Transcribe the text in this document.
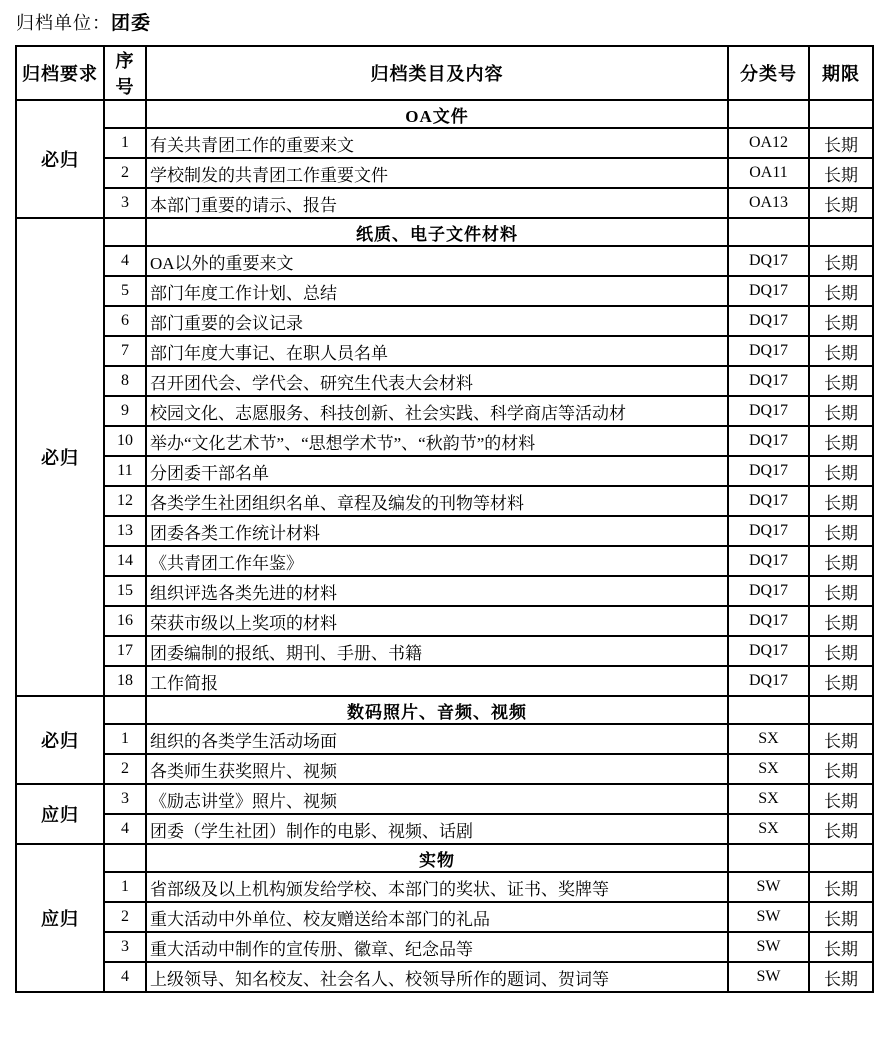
归档单位：团委
归档要求	序号	归档类目及内容	分类号	期限
必归		OA文件		
	1	有关共青团工作的重要来文	OA12	长期
	2	学校制发的共青团工作重要文件	OA11	长期
	3	本部门重要的请示、报告	OA13	长期
必归		纸质、电子文件材料		
	4	OA以外的重要来文	DQ17	长期
	5	部门年度工作计划、总结	DQ17	长期
	6	部门重要的会议记录	DQ17	长期
	7	部门年度大事记、在职人员名单	DQ17	长期
	8	召开团代会、学代会、研究生代表大会材料	DQ17	长期
	9	校园文化、志愿服务、科技创新、社会实践、科学商店等活动材	DQ17	长期
	10	举办“文化艺术节”、“思想学术节”、“秋韵节”的材料	DQ17	长期
	11	分团委干部名单	DQ17	长期
	12	各类学生社团组织名单、章程及编发的刊物等材料	DQ17	长期
	13	团委各类工作统计材料	DQ17	长期
	14	《共青团工作年鉴》	DQ17	长期
	15	组织评选各类先进的材料	DQ17	长期
	16	荣获市级以上奖项的材料	DQ17	长期
	17	团委编制的报纸、期刊、手册、书籍	DQ17	长期
	18	工作简报	DQ17	长期
必归		数码照片、音频、视频		
	1	组织的各类学生活动场面	SX	长期
	2	各类师生获奖照片、视频	SX	长期
应归	3	《励志讲堂》照片、视频	SX	长期
	4	团委（学生社团）制作的电影、视频、话剧	SX	长期
应归		实物		
	1	省部级及以上机构颁发给学校、本部门的奖状、证书、奖牌等	SW	长期
	2	重大活动中外单位、校友赠送给本部门的礼品	SW	长期
	3	重大活动中制作的宣传册、徽章、纪念品等	SW	长期
	4	上级领导、知名校友、社会名人、校领导所作的题词、贺词等	SW	长期
